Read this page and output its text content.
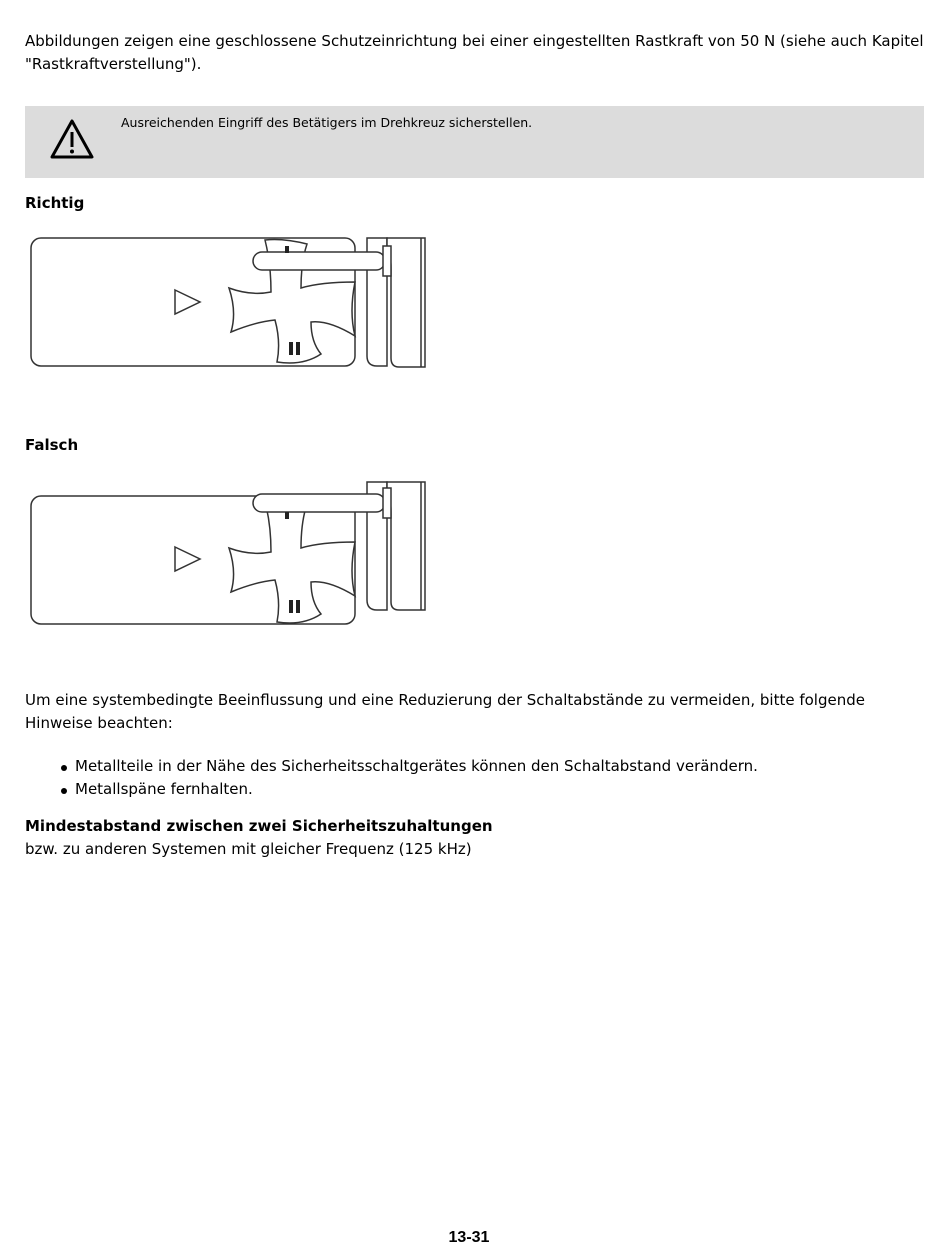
Abbildungen zeigen eine geschlossene Schutzeinrichtung bei einer eingestellten Rastkraft von 50 N (siehe auch Kapitel
"Rastkraftverstellung").

Ausreichenden Eingriff des Betätigers im Drehkreuz sicherstellen.

Richtig

Falsch

Um eine systembedingte Beeinflussung und eine Reduzierung der Schaltabstände zu vermeiden, bitte folgende
Hinweise beachten:

Metallteile in der Nähe des Sicherheitsschaltgerätes können den Schaltabstand verändern.
Metallspäne fernhalten.
Mindestabstand zwischen zwei Sicherheitszuhaltungen
bzw. zu anderen Systemen mit gleicher Frequenz (125 kHz)
13-31
